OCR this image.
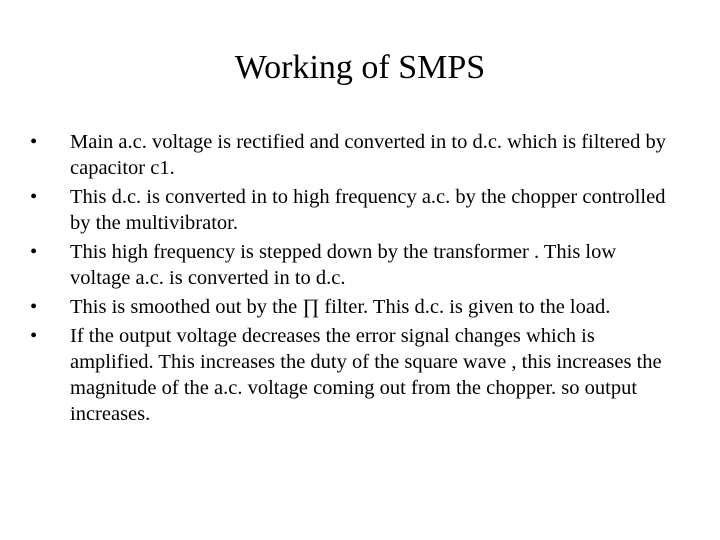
Working of SMPS
•	Main a.c. voltage is rectified and converted in to d.c. which is filtered by capacitor c1.
•	This d.c. is converted in to high frequency a.c. by the chopper controlled by the multivibrator.
•	This high frequency is stepped down by the transformer . This low voltage a.c. is converted in to d.c.
•	This is smoothed out by the ∏ filter. This d.c. is given to the load.
•	If the output voltage decreases the error signal changes which is amplified. This increases the duty of the square wave , this increases the magnitude of the a.c. voltage coming out from the chopper. so output increases.
